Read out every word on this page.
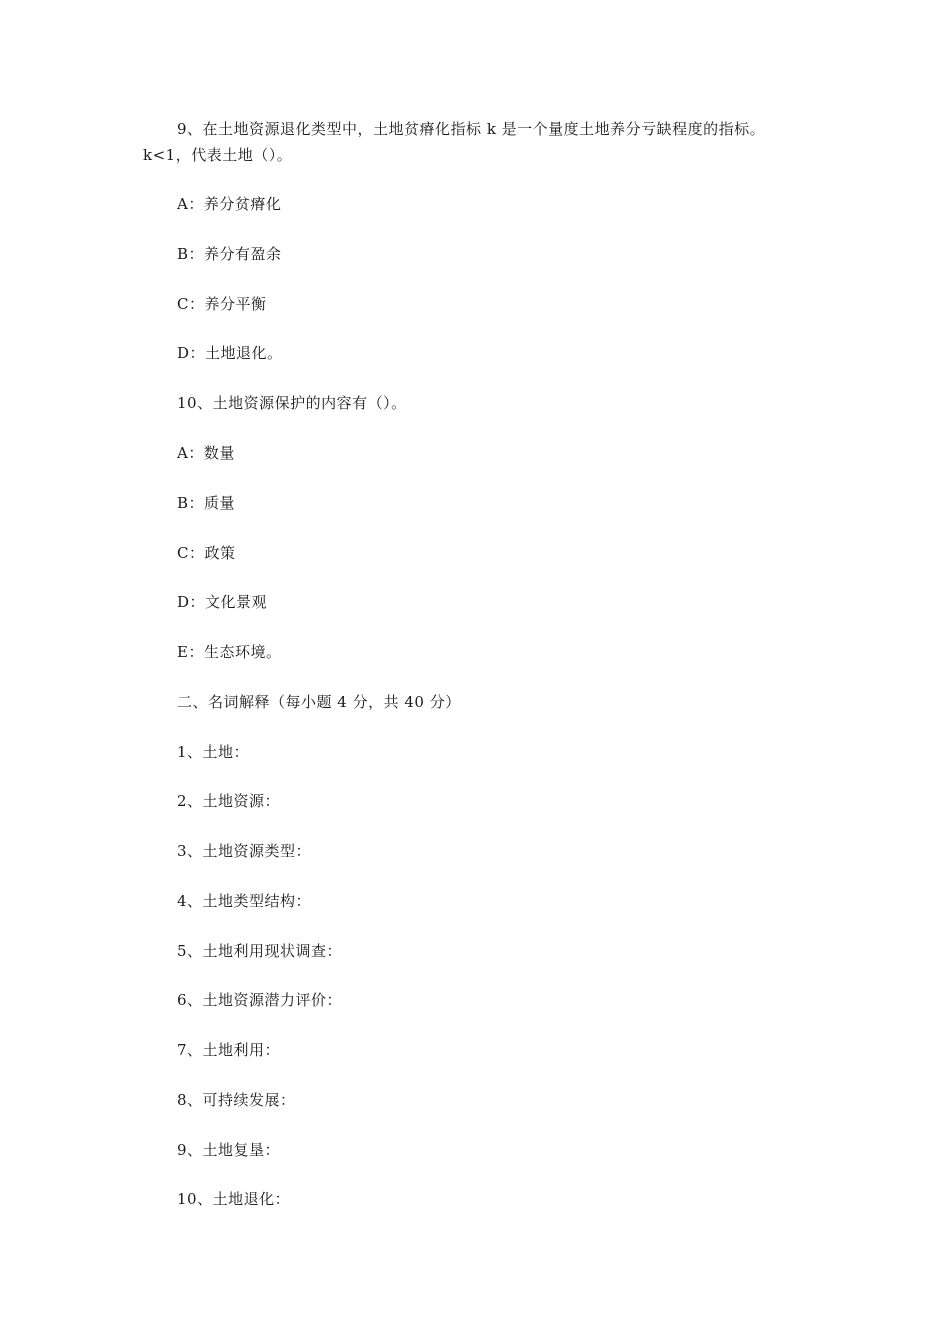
9、在土地资源退化类型中，土地贫瘠化指标 k 是一个量度土地养分亏缺程度的指标。
k<1，代表土地（）。
A：养分贫瘠化
B：养分有盈余
C：养分平衡
D：土地退化。
10、土地资源保护的内容有（）。
A：数量
B：质量
C：政策
D：文化景观
E：生态环境。
二、名词解释（每小题 4 分，共 40 分）
1、土地：
2、土地资源：
3、土地资源类型：
4、土地类型结构：
5、土地利用现状调查：
6、土地资源潜力评价：
7、土地利用：
8、可持续发展：
9、土地复垦：
10、土地退化：
